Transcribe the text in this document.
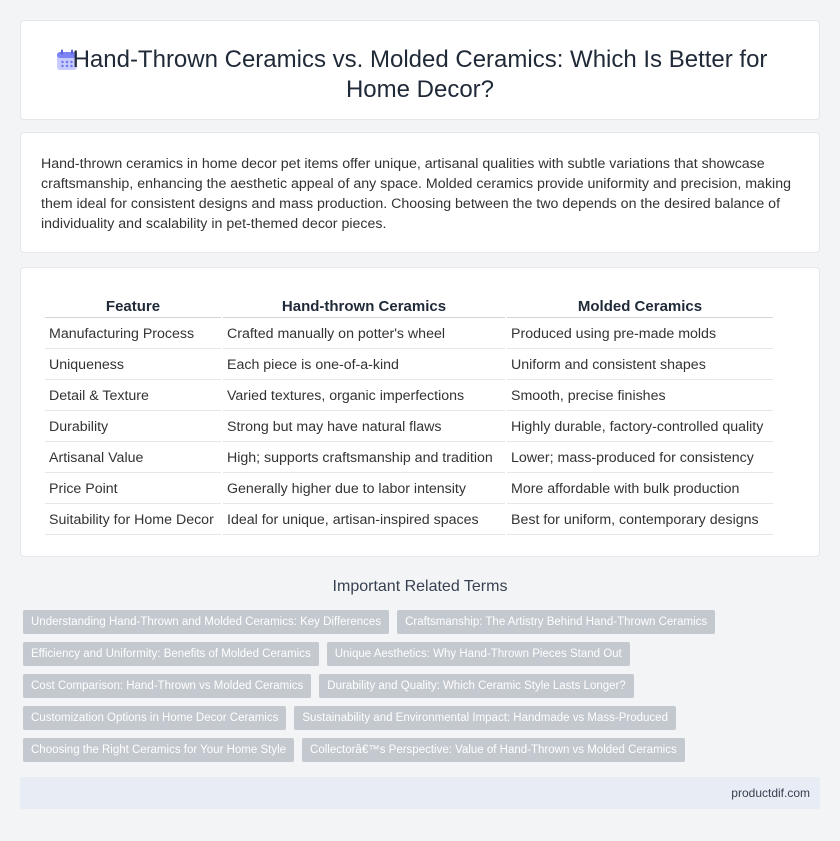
Hand-Thrown Ceramics vs. Molded Ceramics: Which Is Better for Home Decor?

Hand-thrown ceramics in home decor pet items offer unique, artisanal qualities with subtle variations that showcase craftsmanship, enhancing the aesthetic appeal of any space. Molded ceramics provide uniformity and precision, making them ideal for consistent designs and mass production. Choosing between the two depends on the desired balance of individuality and scalability in pet-themed decor pieces.

Feature	Hand-thrown Ceramics	Molded Ceramics
Manufacturing Process	Crafted manually on potter's wheel	Produced using pre-made molds
Uniqueness	Each piece is one-of-a-kind	Uniform and consistent shapes
Detail & Texture	Varied textures, organic imperfections	Smooth, precise finishes
Durability	Strong but may have natural flaws	Highly durable, factory-controlled quality
Artisanal Value	High; supports craftsmanship and tradition	Lower; mass-produced for consistency
Price Point	Generally higher due to labor intensity	More affordable with bulk production
Suitability for Home Decor	Ideal for unique, artisan-inspired spaces	Best for uniform, contemporary designs
Important Related Terms
Understanding Hand-Thrown and Molded Ceramics: Key Differences	Craftsmanship: The Artistry Behind Hand-Thrown Ceramics
Efficiency and Uniformity: Benefits of Molded Ceramics	Unique Aesthetics: Why Hand-Thrown Pieces Stand Out
Cost Comparison: Hand-Thrown vs Molded Ceramics	Durability and Quality: Which Ceramic Style Lasts Longer?
Customization Options in Home Decor Ceramics	Sustainability and Environmental Impact: Handmade vs Mass-Produced
Choosing the Right Ceramics for Your Home Style	Collectorâ€™s Perspective: Value of Hand-Thrown vs Molded Ceramics
productdif.com
